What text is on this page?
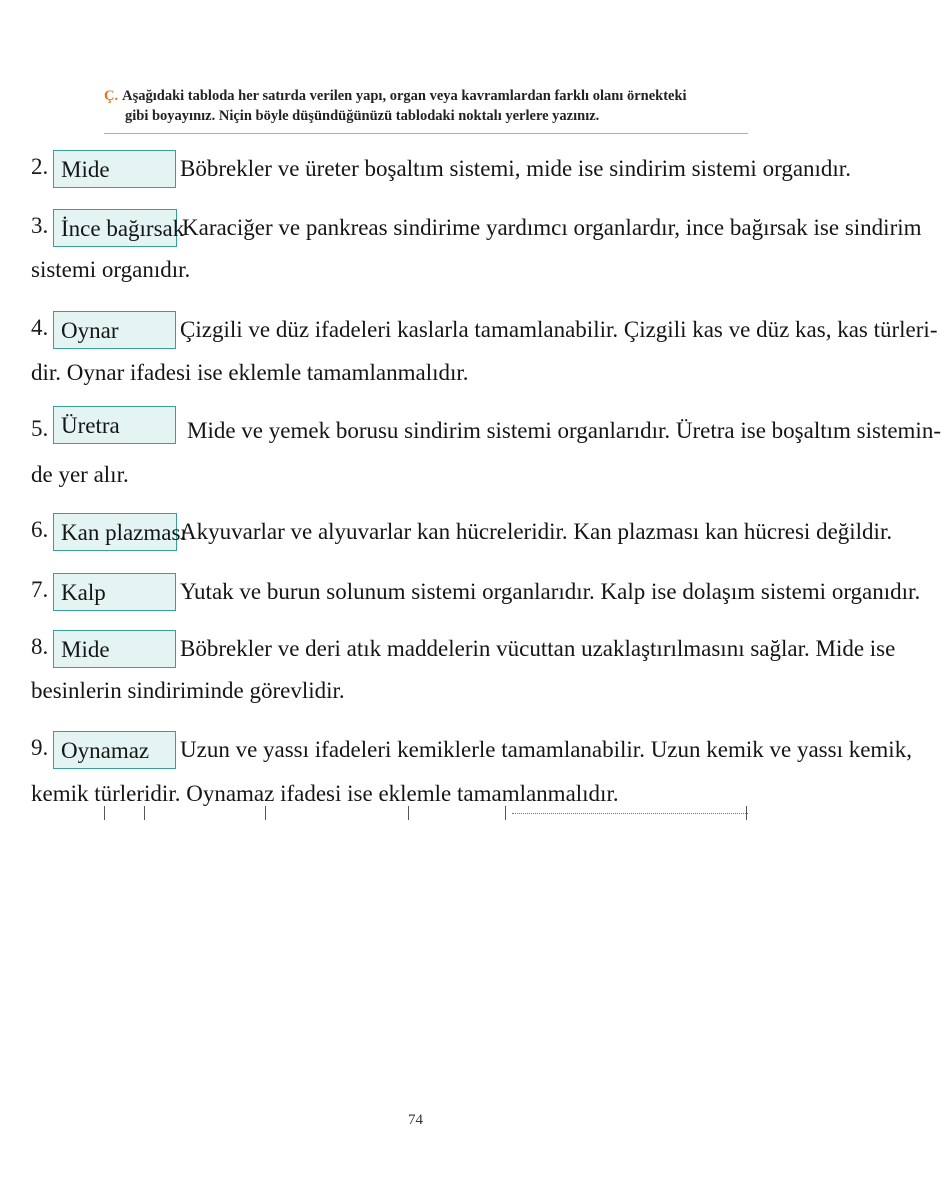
Ç. Aşağıdaki tabloda her satırda verilen yapı, organ veya kavramlardan farklı olanı örnekteki
gibi boyayınız. Niçin böyle düşündüğünüzü tablodaki noktalı yerlere yazınız.
2. Mide	Böbrekler ve üreter boşaltım sistemi, mide ise sindirim sistemi organıdır.
3. İnce bağırsak
Karaciğer ve pankreas sindirime yardımcı organlardır, ince bağırsak ise sindirim
sistemi organıdır.
4. Oynar	Çizgili ve düz ifadeleri kaslarla tamamlanabilir. Çizgili kas ve düz kas, kas türleri-
dir. Oynar ifadesi ise eklemle tamamlanmalıdır.
5. Üretra	Mide ve yemek borusu sindirim sistemi organlarıdır. Üretra ise boşaltım sistemin-
de yer alır.
6. Kan plazması
Akyuvarlar ve alyuvarlar kan hücreleridir. Kan plazması kan hücresi değildir.
7. Kalp	Yutak ve burun solunum sistemi organlarıdır. Kalp ise dolaşım sistemi organıdır.
8. Mide	Böbrekler ve deri atık maddelerin vücuttan uzaklaştırılmasını sağlar. Mide ise
besinlerin sindiriminde görevlidir.
9. Oynamaz	Uzun ve yassı ifadeleri kemiklerle tamamlanabilir. Uzun kemik ve yassı kemik,
kemik türleridir. Oynamaz ifadesi ise eklemle tamamlanmalıdır.
74
